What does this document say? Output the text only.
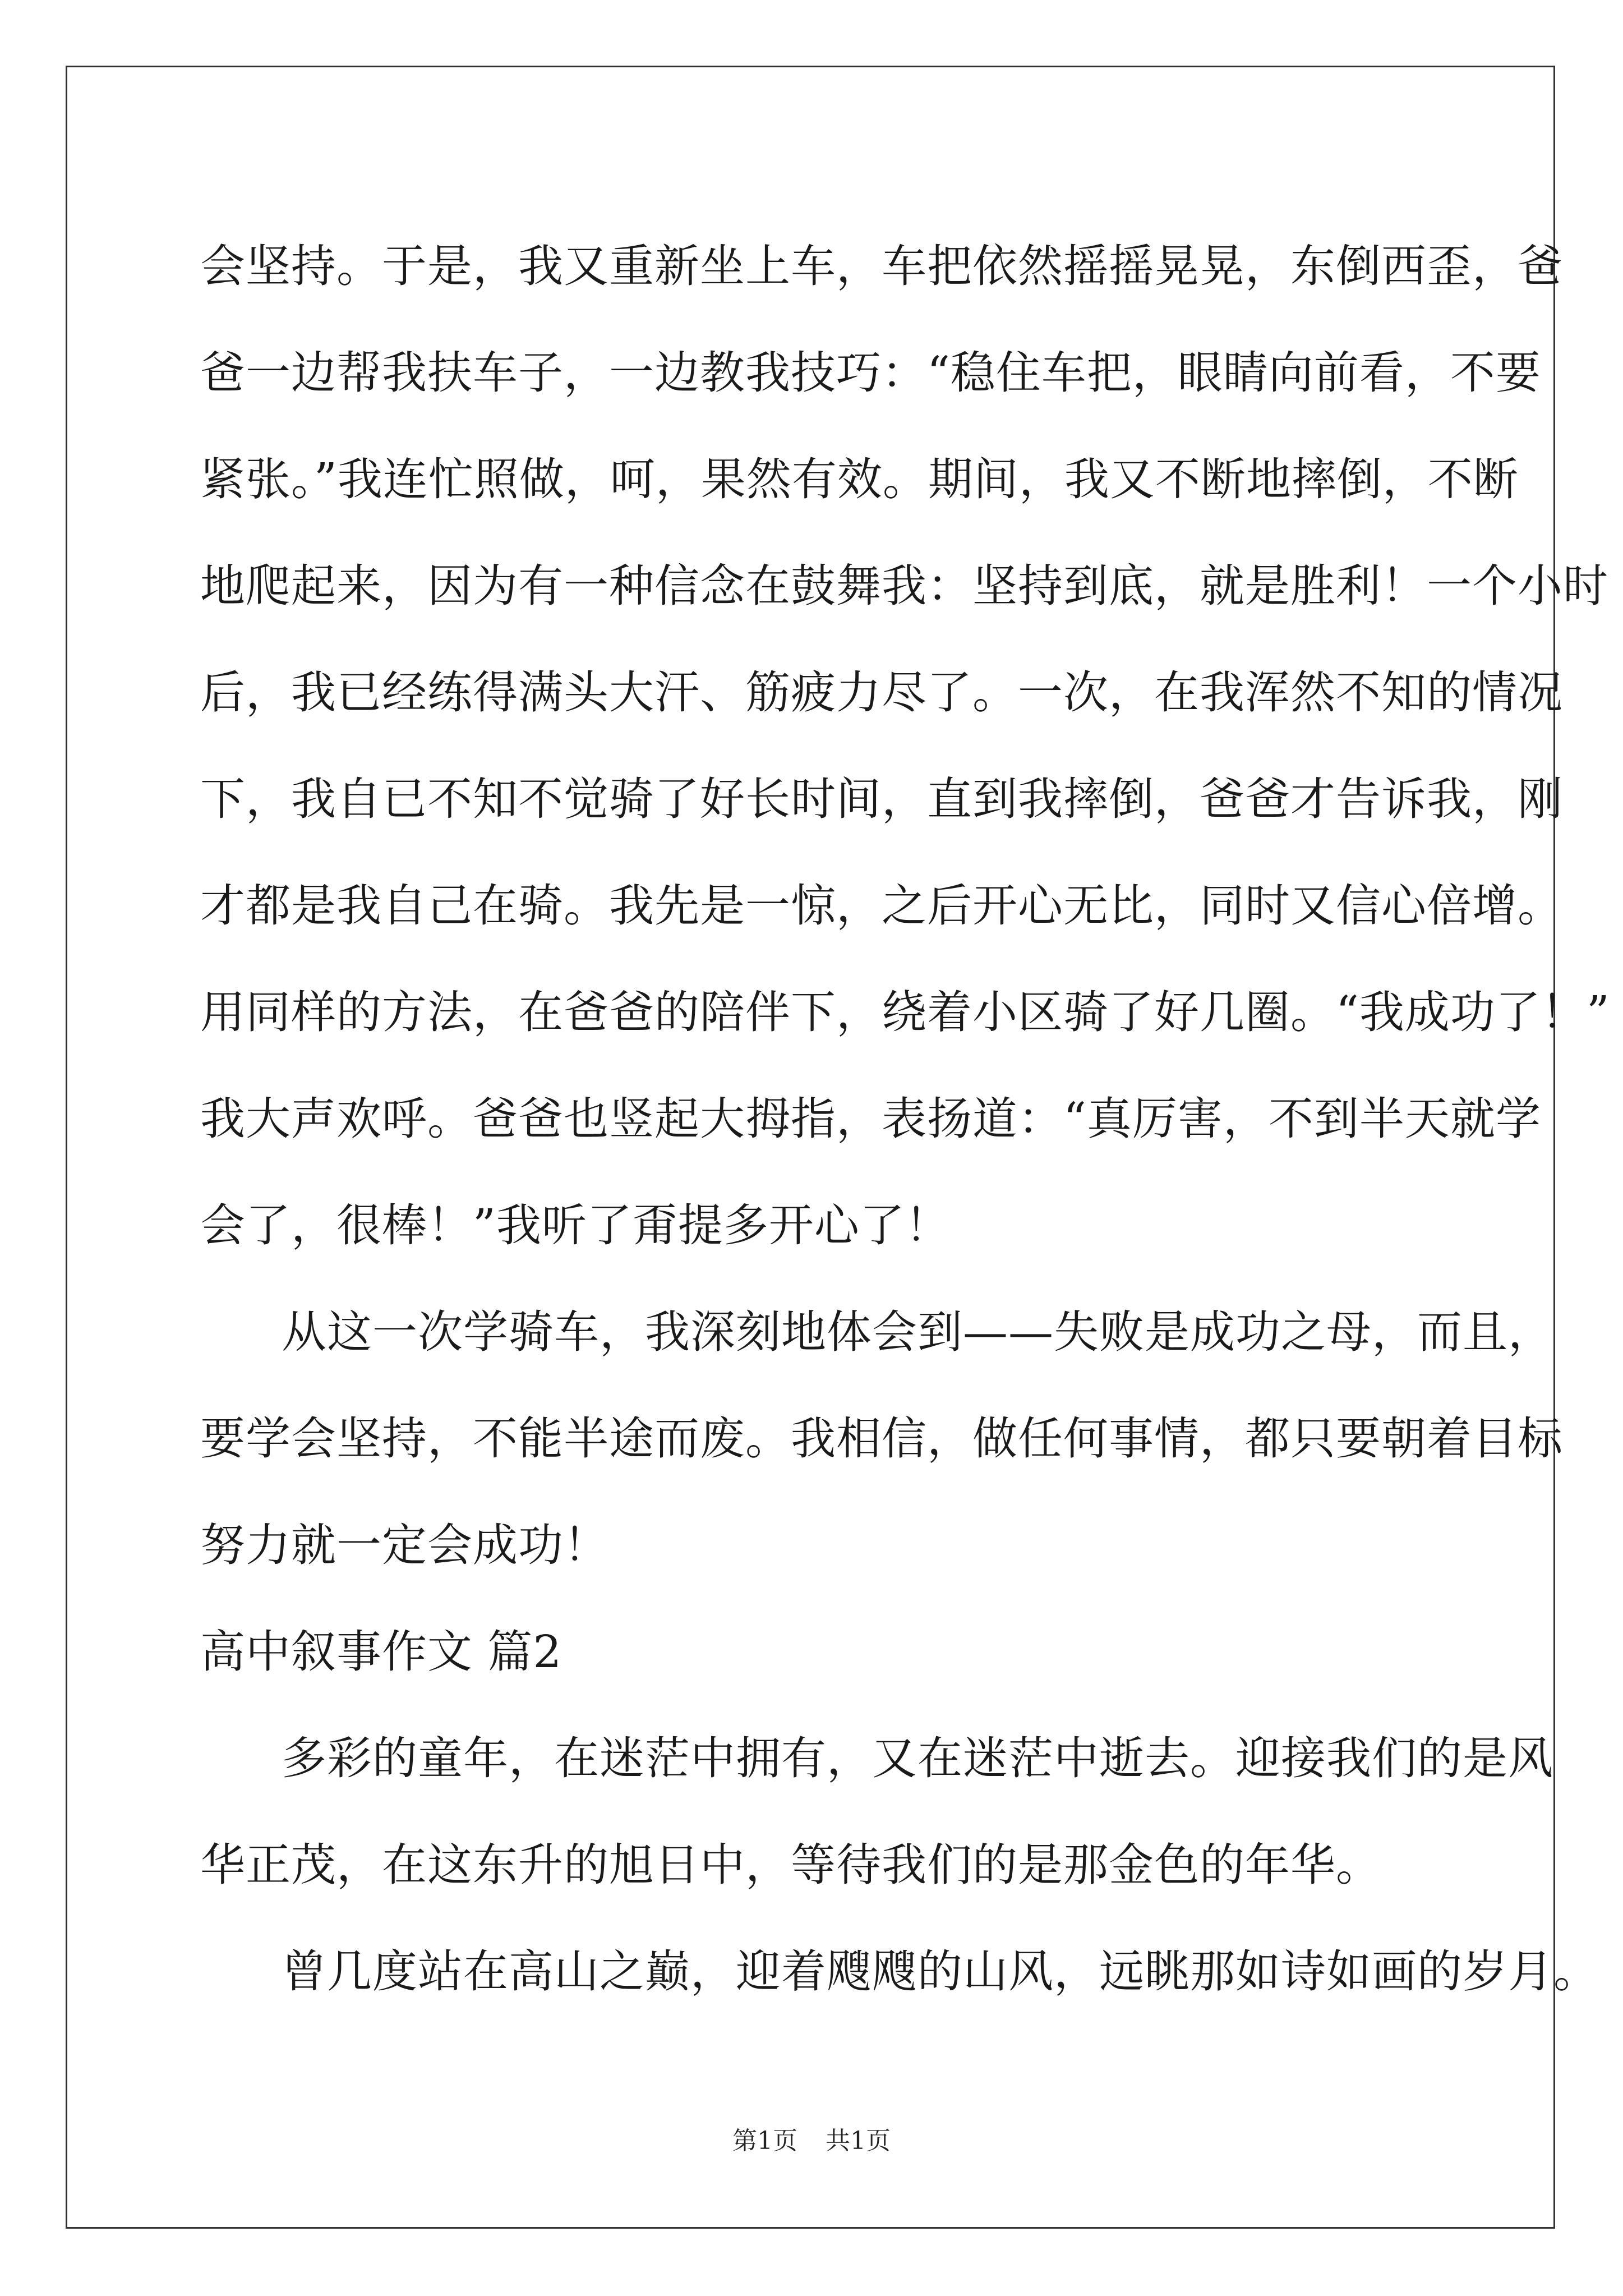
会坚持。于是，我又重新坐上车，车把依然摇摇晃晃，东倒西歪，爸
爸一边帮我扶车子，一边教我技巧：“稳住车把，眼睛向前看，不要
紧张。”我连忙照做，呵，果然有效。期间，我又不断地摔倒，不断
地爬起来，因为有一种信念在鼓舞我：坚持到底，就是胜利！一个小时
后，我已经练得满头大汗、筋疲力尽了。一次，在我浑然不知的情况
下，我自已不知不觉骑了好长时间，直到我摔倒，爸爸才告诉我，刚
才都是我自己在骑。我先是一惊，之后开心无比，同时又信心倍增。
用同样的方法，在爸爸的陪伴下，绕着小区骑了好几圈。“我成功了！”
我大声欢呼。爸爸也竖起大拇指，表扬道：“真厉害，不到半天就学
会了，很棒！”我听了甭提多开心了！
从这一次学骑车，我深刻地体会到——失败是成功之母，而且，
要学会坚持，不能半途而废。我相信，做任何事情，都只要朝着目标
努力就一定会成功！
高中叙事作文 篇2
多彩的童年，在迷茫中拥有，又在迷茫中逝去。迎接我们的是风
华正茂，在这东升的旭日中，等待我们的是那金色的年华。
曾几度站在高山之巅，迎着飕飕的山风，远眺那如诗如画的岁月。
第1页 共1页
